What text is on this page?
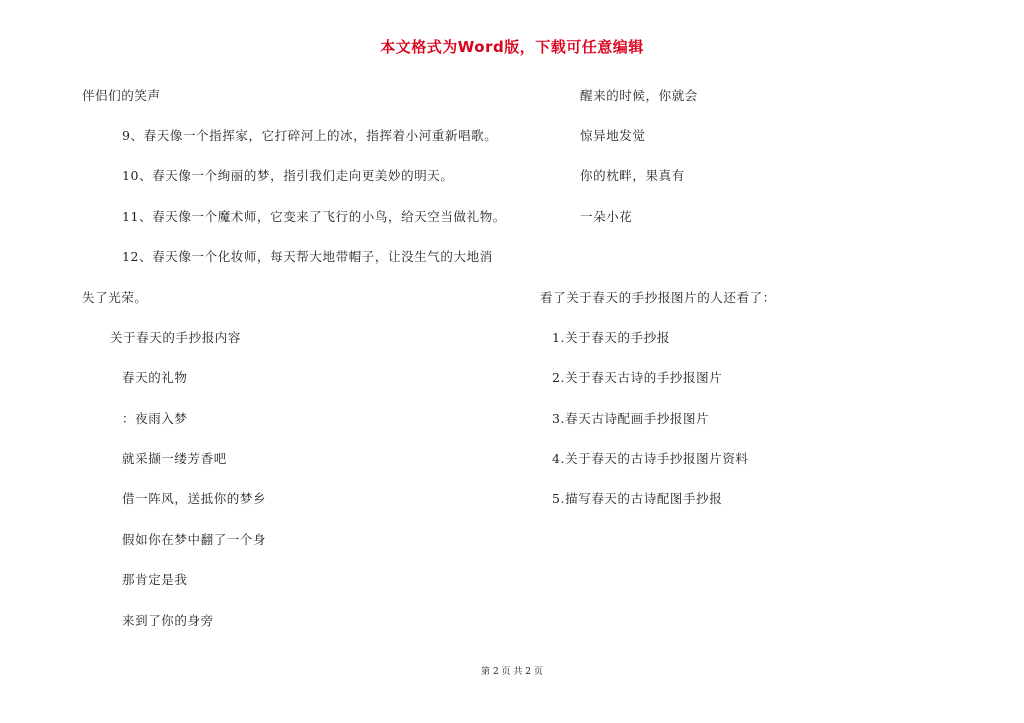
本文格式为Word版，下载可任意编辑
伴侣们的笑声
9、春天像一个指挥家，它打碎河上的冰，指挥着小河重新唱歌。
10、春天像一个绚丽的梦，指引我们走向更美妙的明天。
11、春天像一个魔术师，它变来了飞行的小鸟，给天空当做礼物。
12、春天像一个化妆师，每天帮大地带帽子，让没生气的大地消
失了光荣。
关于春天的手抄报内容
春天的礼物
：夜雨入梦
就采撷一缕芳香吧
借一阵风，送抵你的梦乡
假如你在梦中翻了一个身
那肯定是我
来到了你的身旁
醒来的时候，你就会
惊异地发觉
你的枕畔，果真有
一朵小花
看了关于春天的手抄报图片的人还看了：
1.关于春天的手抄报
2.关于春天古诗的手抄报图片
3.春天古诗配画手抄报图片
4.关于春天的古诗手抄报图片资料
5.描写春天的古诗配图手抄报
第 2 页 共 2 页
